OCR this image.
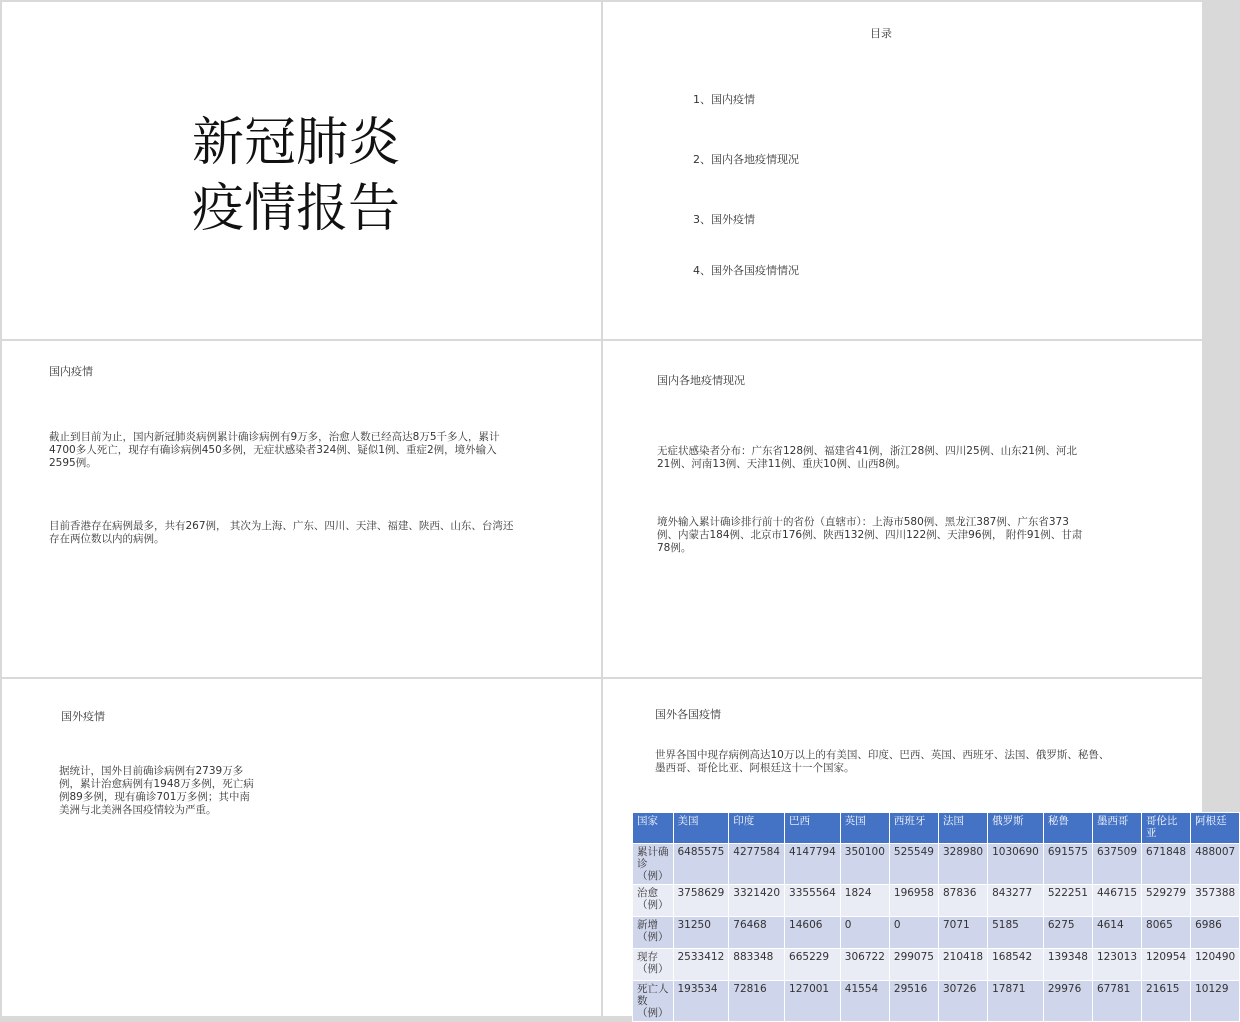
新冠肺炎
疫情报告
目录
1、国内疫情
2、国内各地疫情现况
3、国外疫情
4、国外各国疫情情况
国内疫情
截止到目前为止，国内新冠肺炎病例累计确诊病例有9万多，治愈人数已经高达8万5千多人，累计4700多人死亡，现存有确诊病例450多例，无症状感染者324例、疑似1例、重症2例，境外输入2595例。
目前香港存在病例最多，共有267例， 其次为上海、广东、四川、天津、福建、陕西、山东、台湾还存在两位数以内的病例。
国内各地疫情现况
无症状感染者分布：广东省128例、福建省41例，浙江28例、四川25例、山东21例、河北21例、河南13例、天津11例、重庆10例、山西8例。
境外输入累计确诊排行前十的省份（直辖市）：上海市580例、黑龙江387例、广东省373例、内蒙古184例、北京市176例、陕西132例、四川122例、天津96例， 附件91例、甘肃78例。
国外疫情
据统计，国外目前确诊病例有2739万多例，累计治愈病例有1948万多例，死亡病例89多例，现有确诊701万多例；其中南美洲与北美洲各国疫情较为严重。
国外各国疫情
世界各国中现存病例高达10万以上的有美国、印度、巴西、英国、西班牙、法国、俄罗斯、秘鲁、墨西哥、哥伦比亚、阿根廷这十一个国家。
国家	美国	印度	巴西	英国	西班牙	法国	俄罗斯	秘鲁	墨西哥	哥伦比亚	阿根廷
累计确诊（例）	6485575	4277584	4147794	350100	525549	328980	1030690	691575	637509	671848	488007
治愈（例）	3758629	3321420	3355564	1824	196958	87836	843277	522251	446715	529279	357388
新增（例）	31250	76468	14606	0	0	7071	5185	6275	4614	8065	6986
现存（例）	2533412	883348	665229	306722	299075	210418	168542	139348	123013	120954	120490
死亡人数（例）	193534	72816	127001	41554	29516	30726	17871	29976	67781	21615	10129
